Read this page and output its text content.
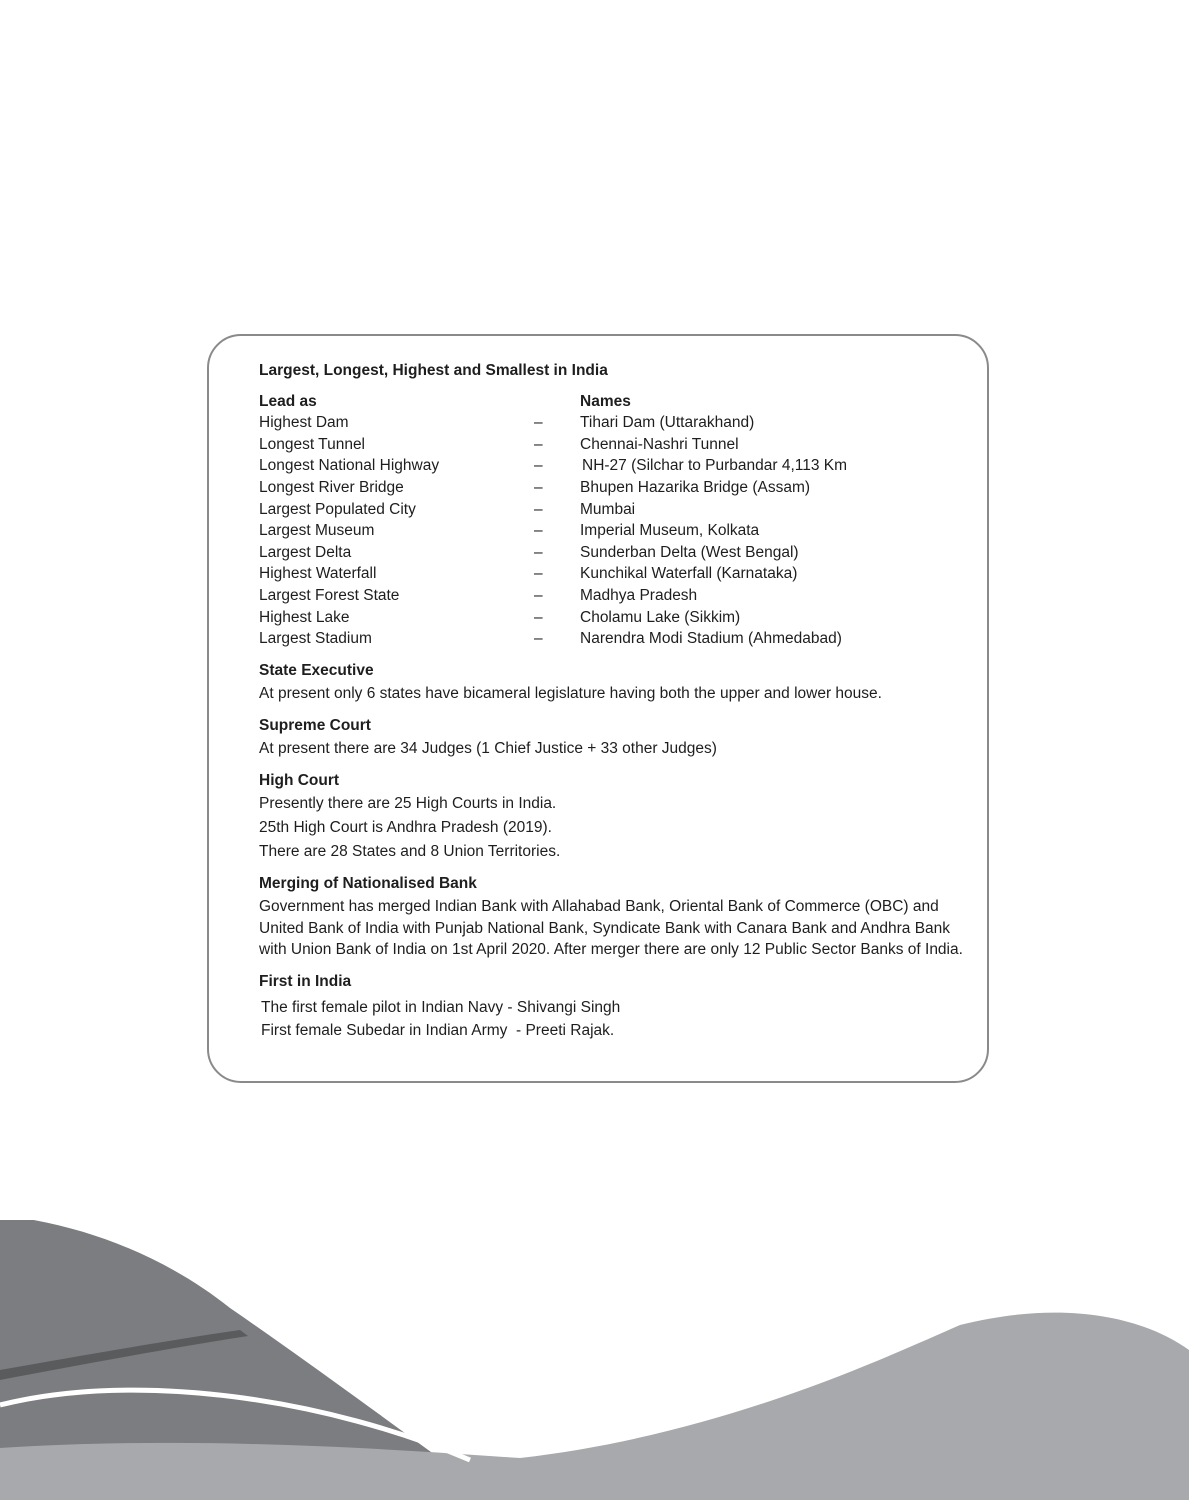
Largest, Longest, Highest and Smallest in India

Lead as	Names
Highest Dam	–	Tihari Dam (Uttarakhand)
Longest Tunnel	–	Chennai-Nashri Tunnel
Longest National Highway	–	NH-27 (Silchar to Purbandar 4,113 Km
Longest River Bridge	–	Bhupen Hazarika Bridge (Assam)
Largest Populated City	–	Mumbai
Largest Museum	–	Imperial Museum, Kolkata
Largest Delta	–	Sunderban Delta (West Bengal)
Highest Waterfall	–	Kunchikal Waterfall (Karnataka)
Largest Forest State	–	Madhya Pradesh
Highest Lake	–	Cholamu Lake (Sikkim)
Largest Stadium	–	Narendra Modi Stadium (Ahmedabad)

State Executive

At present only 6 states have bicameral legislature having both the upper and lower house.

Supreme Court

At present there are 34 Judges (1 Chief Justice + 33 other Judges)

High Court

Presently there are 25 High Courts in India.

25th High Court is Andhra Pradesh (2019).

There are 28 States and 8 Union Territories.

Merging of Nationalised Bank

Government has merged Indian Bank with Allahabad Bank, Oriental Bank of Commerce (OBC) and

United Bank of India with Punjab National Bank, Syndicate Bank with Canara Bank and Andhra Bank

with Union Bank of India on 1st April 2020. After merger there are only 12 Public Sector Banks of India.

First in India

The first female pilot in Indian Navy - Shivangi Singh

First female Subedar in Indian Army  - Preeti Rajak.
